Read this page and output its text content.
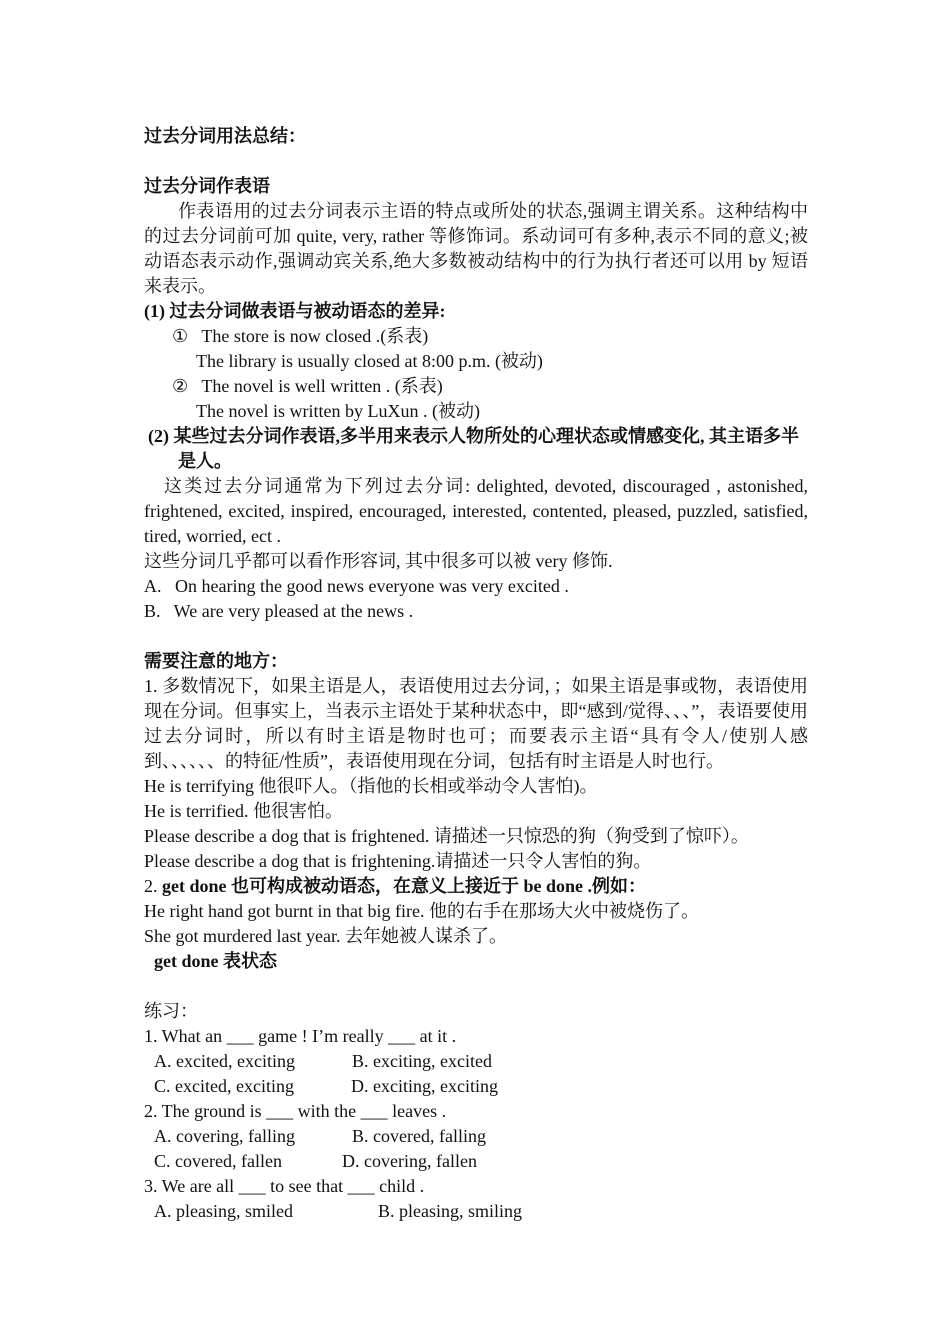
过去分词用法总结：

过去分词作表语

作表语用的过去分词表示主语的特点或所处的状态,强调主谓关系。这种结构中的过去分词前可加 quite, very, rather 等修饰词。系动词可有多种,表示不同的意义;被动语态表示动作,强调动宾关系,绝大多数被动结构中的行为执行者还可以用 by 短语来表示。

(1) 过去分词做表语与被动语态的差异:

① The store is now closed .(系表)

The library is usually closed at 8:00 p.m. (被动)

② The novel is well written . (系表)

The novel is written by LuXun . (被动)

(2) 某些过去分词作表语,多半用来表示人物所处的心理状态或情感变化, 其主语多半是人。

这类过去分词通常为下列过去分词: delighted, devoted, discouraged , astonished, frightened, excited, inspired, encouraged, interested, contented, pleased, puzzled, satisfied, tired, worried, ect .

这些分词几乎都可以看作形容词, 其中很多可以被 very 修饰.

A.   On hearing the good news everyone was very excited .

B.   We are very pleased at the news .

需要注意的地方：

1. 多数情况下，如果主语是人，表语使用过去分词，；如果主语是事或物，表语使用现在分词。但事实上，当表示主语处于某种状态中，即“感到/觉得、、、”，表语要使用过去分词时，所以有时主语是物时也可；而要表示主语“具有令人/使别人感到、、、、、、的特征/性质”，表语使用现在分词，包括有时主语是人时也行。

He is terrifying 他很吓人。（指他的长相或举动令人害怕)。

He is terrified. 他很害怕。

Please describe a dog that is frightened. 请描述一只惊恐的狗（狗受到了惊吓）。

Please describe a dog that is frightening.请描述一只令人害怕的狗。

2. get done 也可构成被动语态，在意义上接近于 be done .例如：

He right hand got burnt in that big fire. 他的右手在那场大火中被烧伤了。

She got murdered last year. 去年她被人谋杀了。

get done 表状态

练习：

1. What an ___ game ! I’m really ___ at it .

A. excited, exciting	B. exciting, excited
C. excited, exciting	D. exciting, exciting

2. The ground is ___ with the ___ leaves .

A. covering, falling	B. covered, falling
C. covered, fallen	D. covering, fallen

3. We are all ___ to see that ___ child .

A. pleasing, smiled	B. pleasing, smiling
